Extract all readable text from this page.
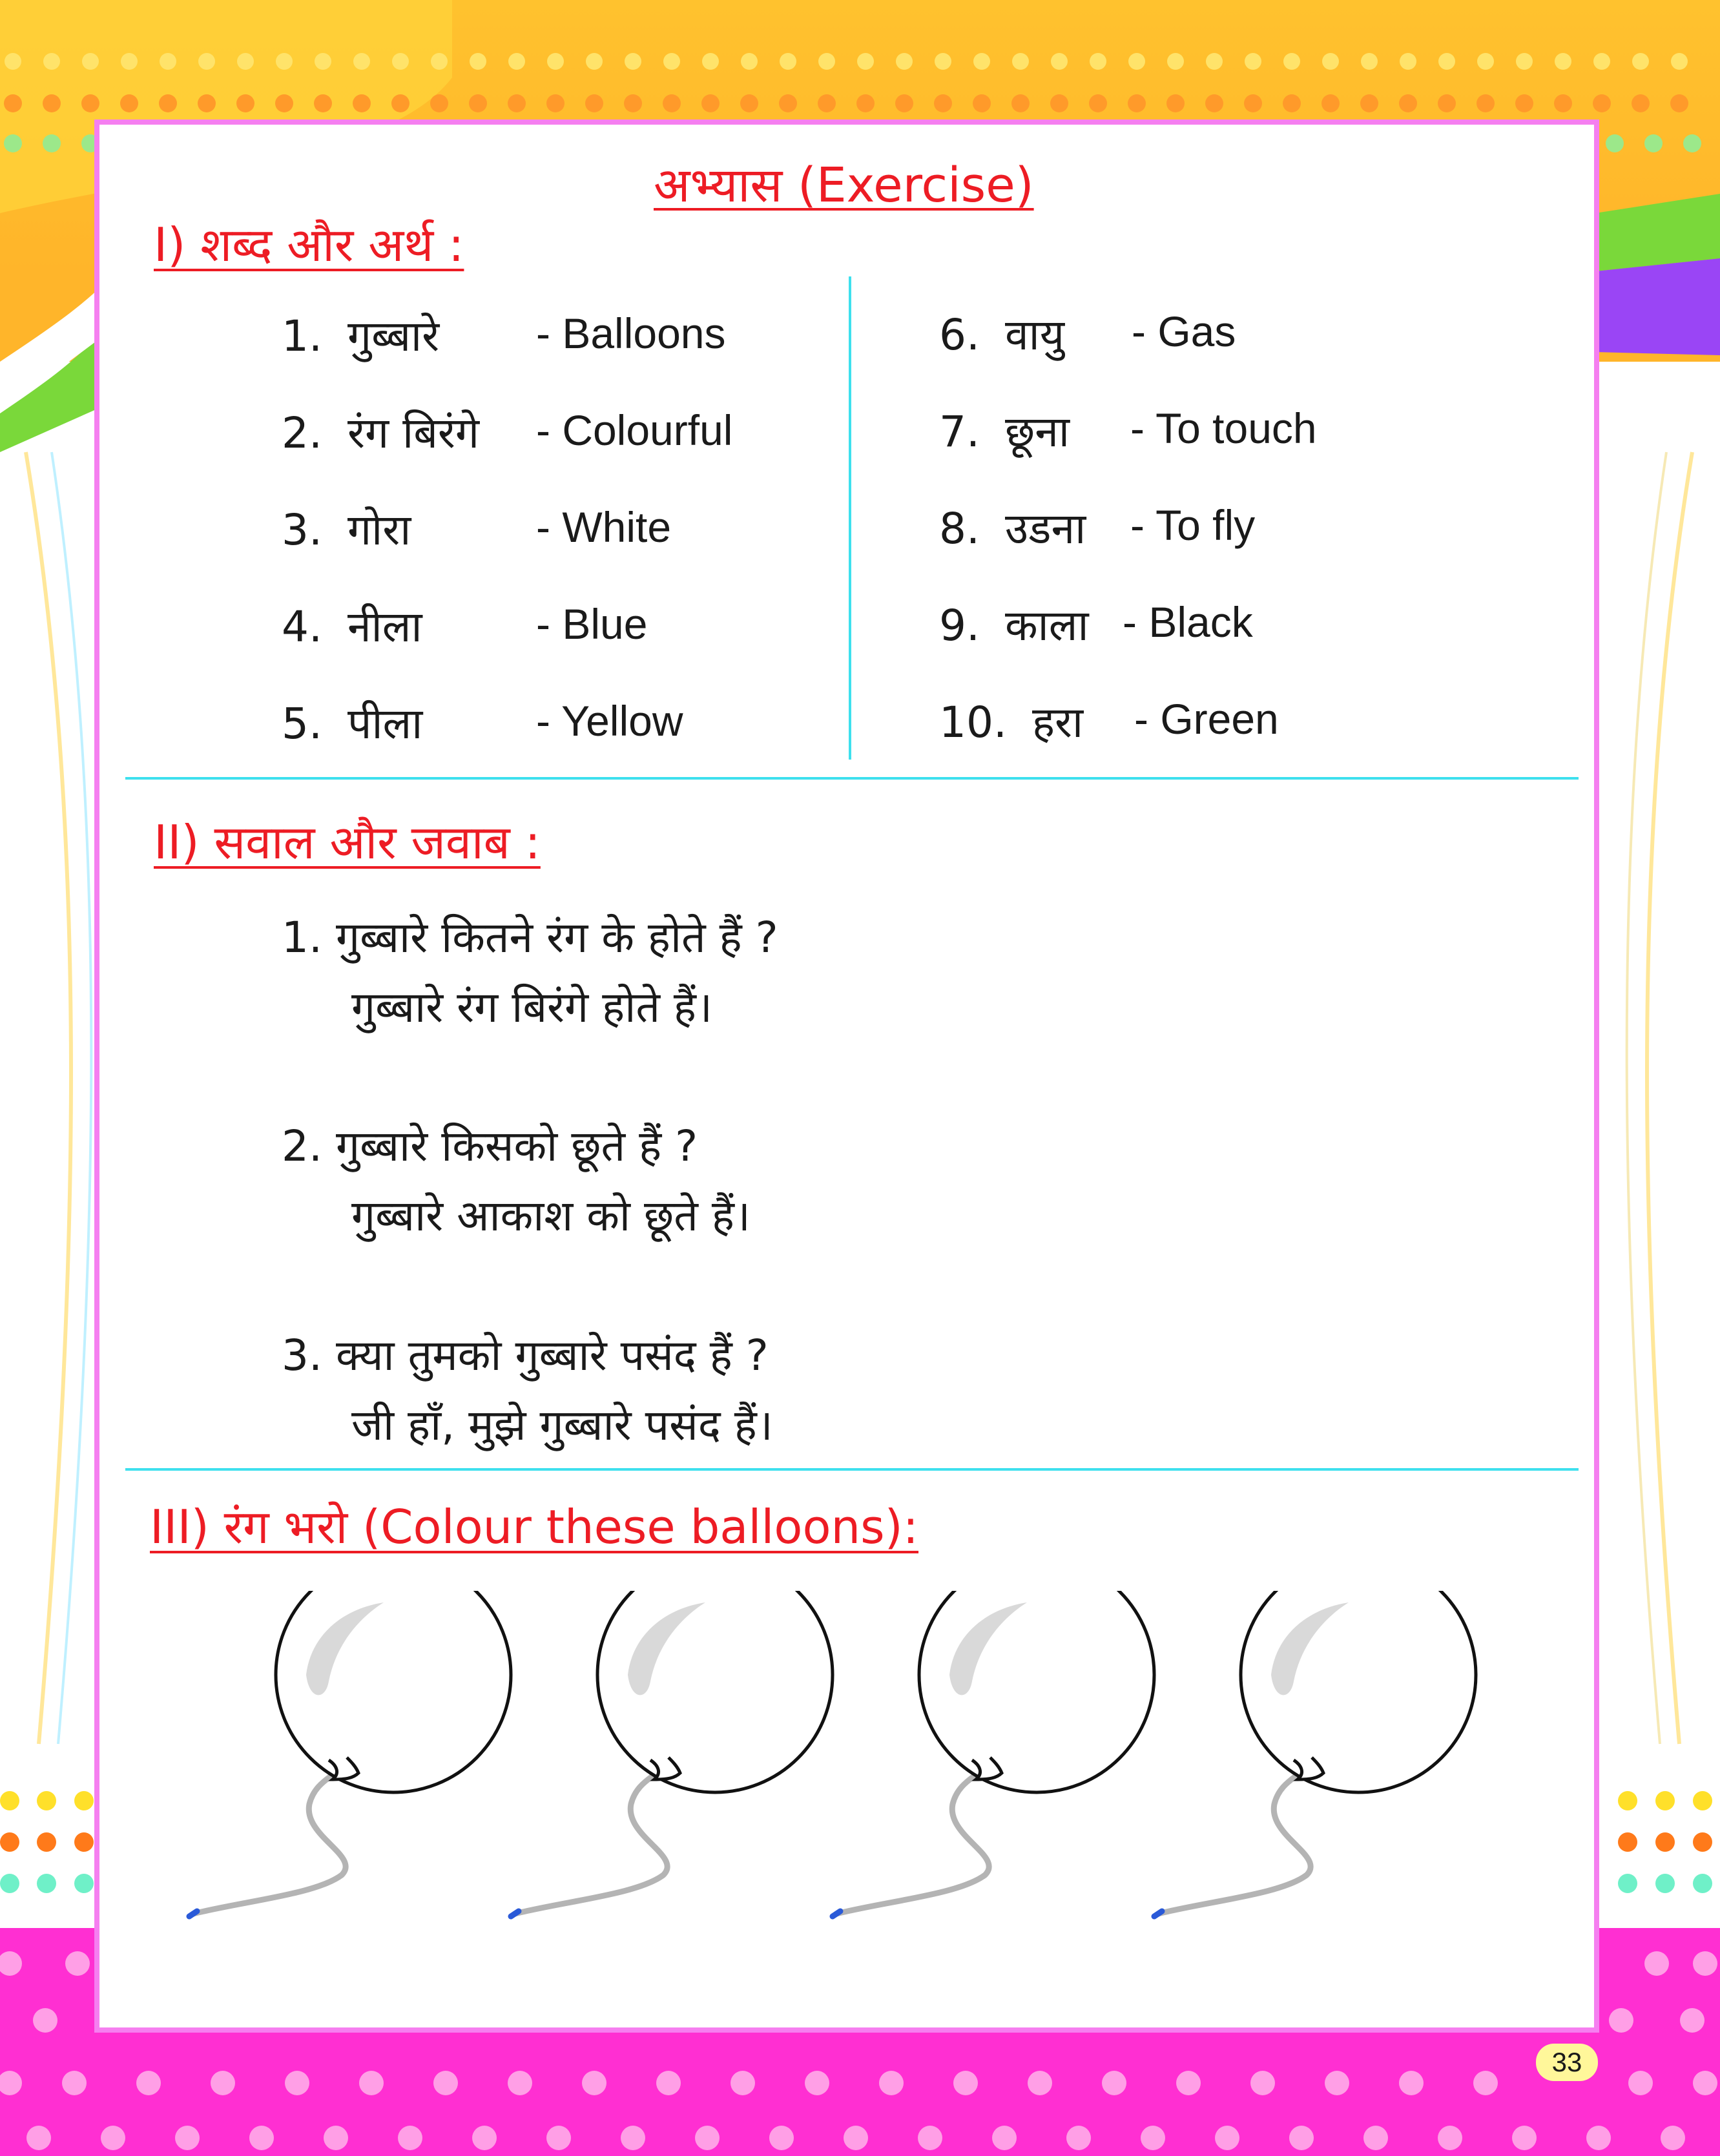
अभ्यास (Exercise)
I) शब्द और अर्थ :
1. गुब्बारे - Balloons
2. रंग बिरंगे - Colourful
3. गोरा	- White
4. नीला	- Blue
5. पीला	- Yellow
6. वायु - Gas
7. छूना - To touch
8. उडना - To fly
9. काला - Black
10. हरा - Green
II) सवाल और जवाब :
1. गुब्बारे कितने रंग के होते हैं ?
गुब्बारे रंग बिरंगे होते हैं।
2. गुब्बारे किसको छूते हैं ?
गुब्बारे आकाश को छूते हैं।
3. क्या तुमको गुब्बारे पसंद हैं ?
जी हाँ, मुझे गुब्बारे पसंद हैं।
III) रंग भरो (Colour these balloons):
33
